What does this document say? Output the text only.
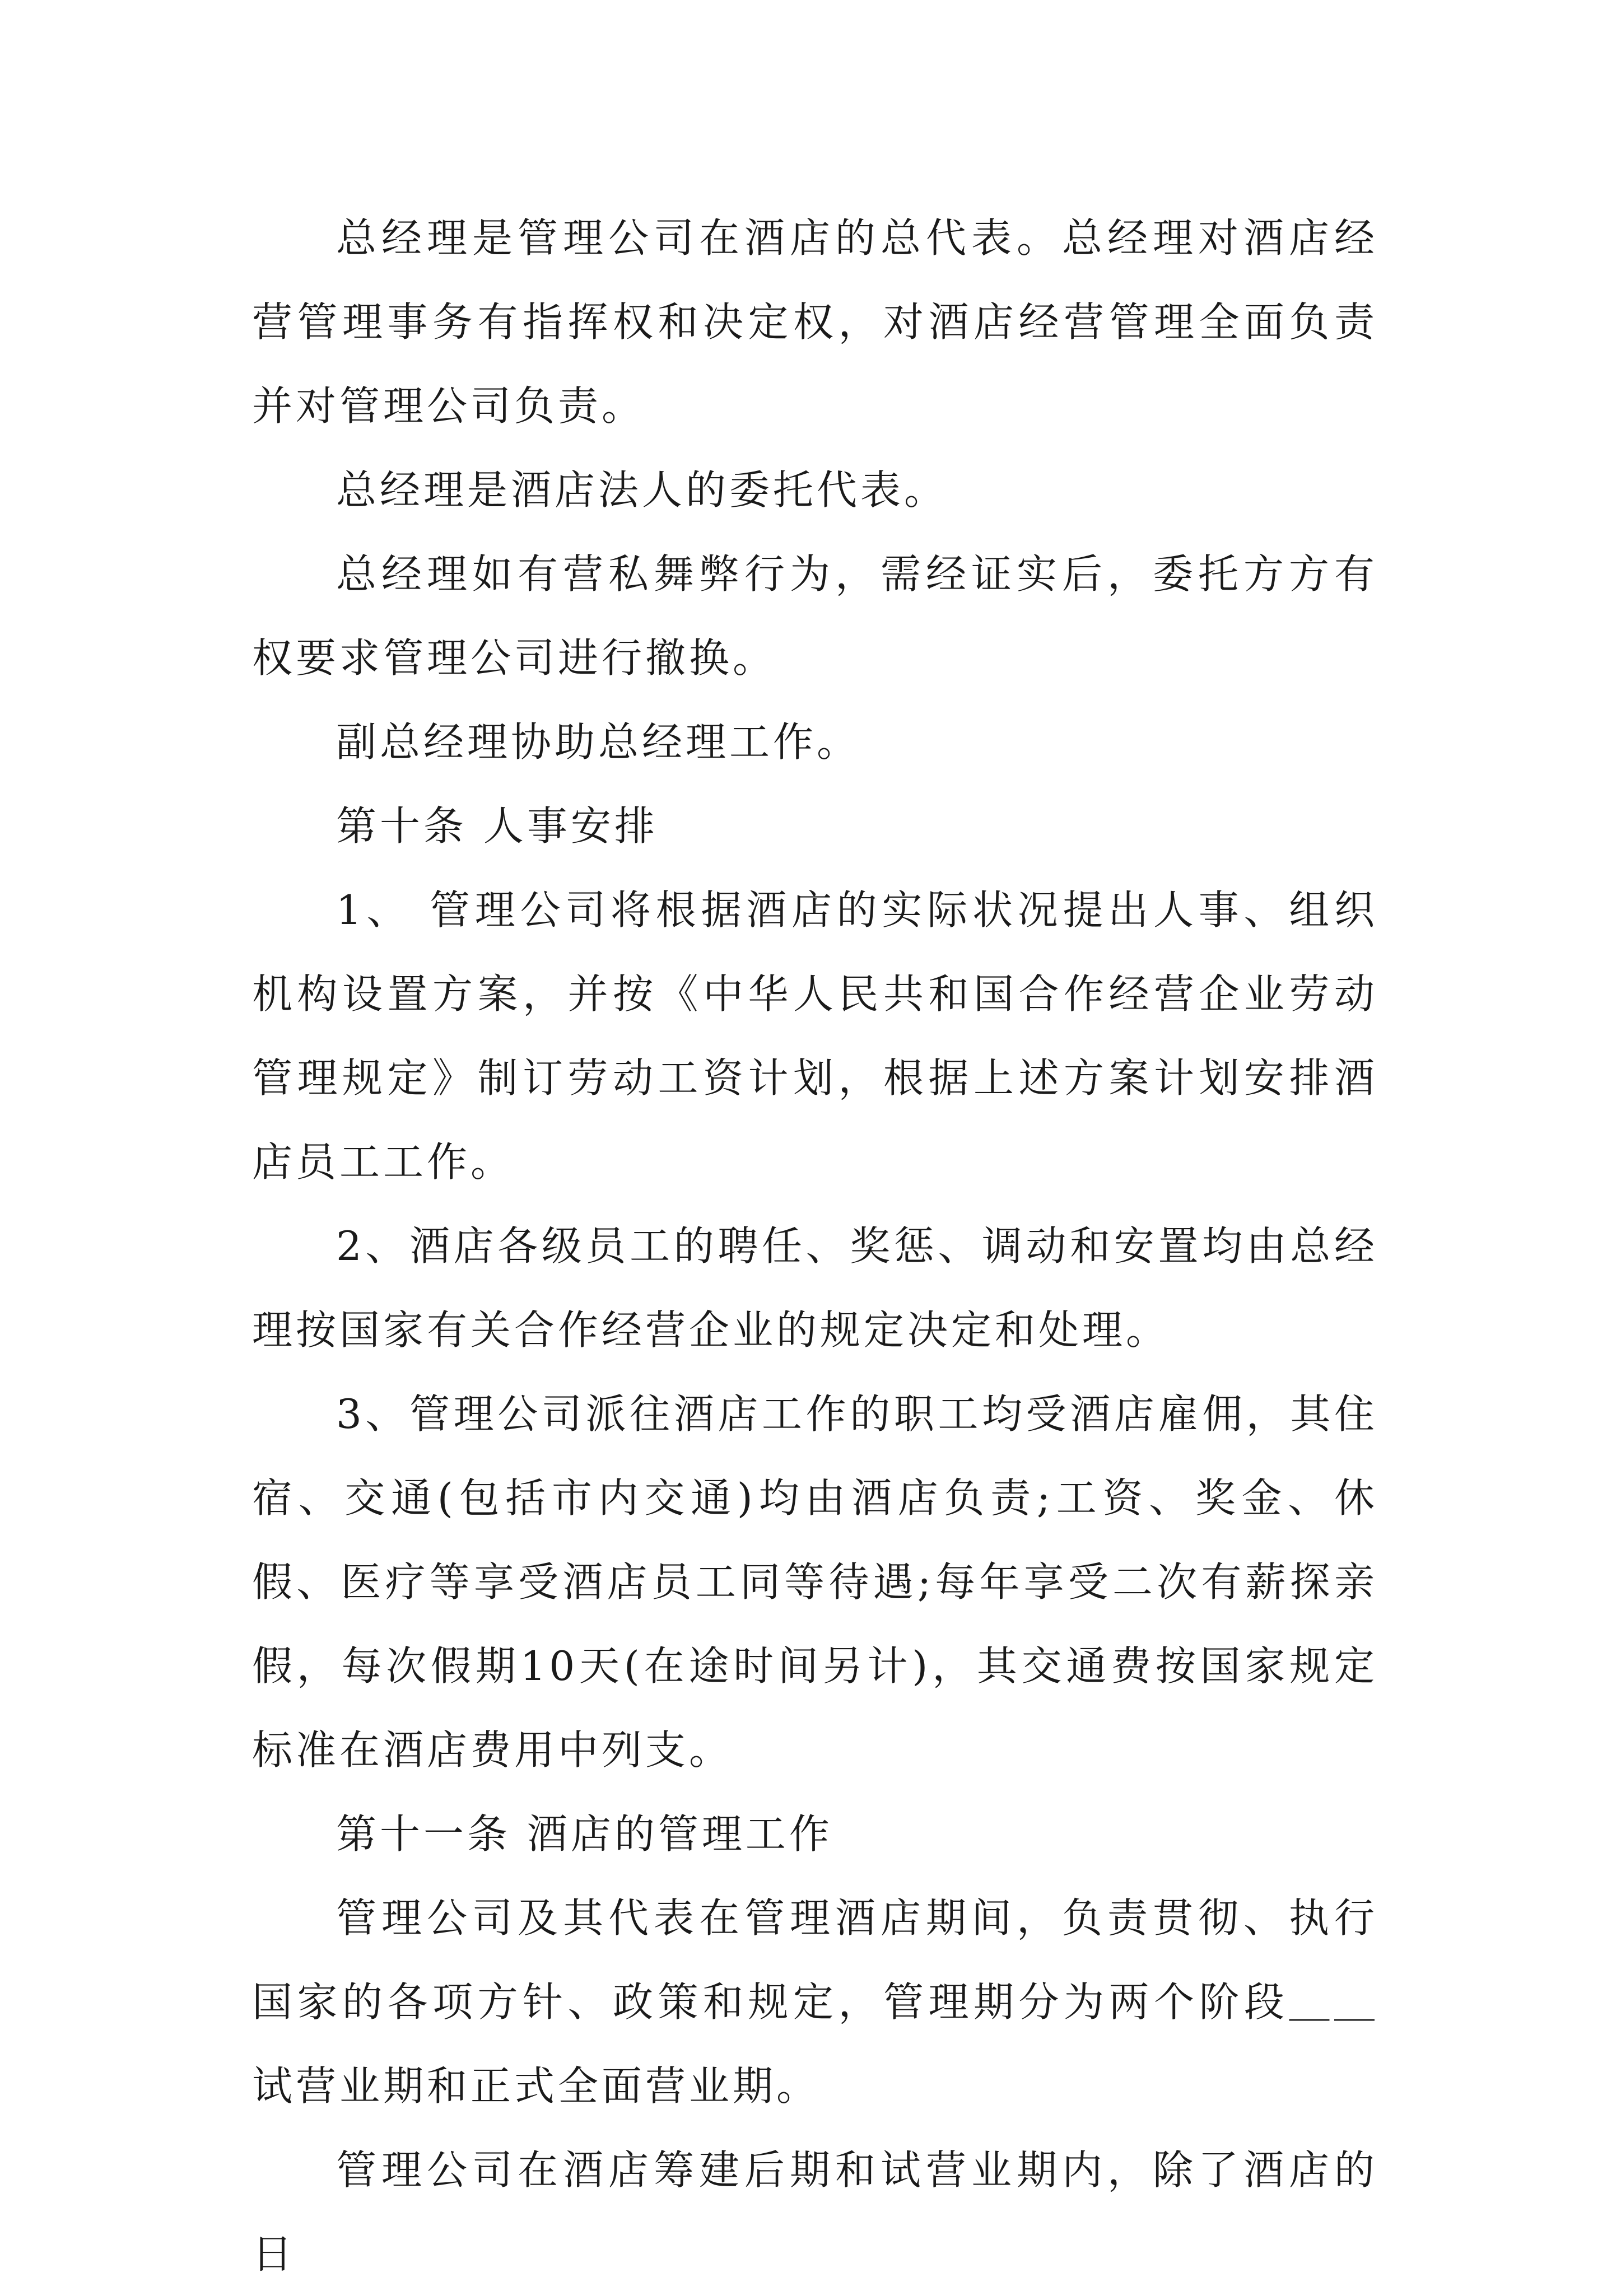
总经理是管理公司在酒店的总代表。总经理对酒店经营管理事务有指挥权和决定权，对酒店经营管理全面负责并对管理公司负责。

总经理是酒店法人的委托代表。

总经理如有营私舞弊行为，需经证实后，委托方方有权要求管理公司进行撤换。

副总经理协助总经理工作。

第十条 人事安排

1、 管理公司将根据酒店的实际状况提出人事、组织机构设置方案，并按《中华人民共和国合作经营企业劳动管理规定》制订劳动工资计划，根据上述方案计划安排酒店员工工作。

2、酒店各级员工的聘任、奖惩、调动和安置均由总经理按国家有关合作经营企业的规定决定和处理。

3、管理公司派往酒店工作的职工均受酒店雇佣，其住宿、交通(包括市内交通)均由酒店负责;工资、奖金、休假、医疗等享受酒店员工同等待遇;每年享受二次有薪探亲假，每次假期10天(在途时间另计)，其交通费按国家规定标准在酒店费用中列支。

第十一条 酒店的管理工作

管理公司及其代表在管理酒店期间，负责贯彻、执行国家的各项方针、政策和规定，管理期分为两个阶段＿＿试营业期和正式全面营业期。

管理公司在酒店筹建后期和试营业期内，除了酒店的日
